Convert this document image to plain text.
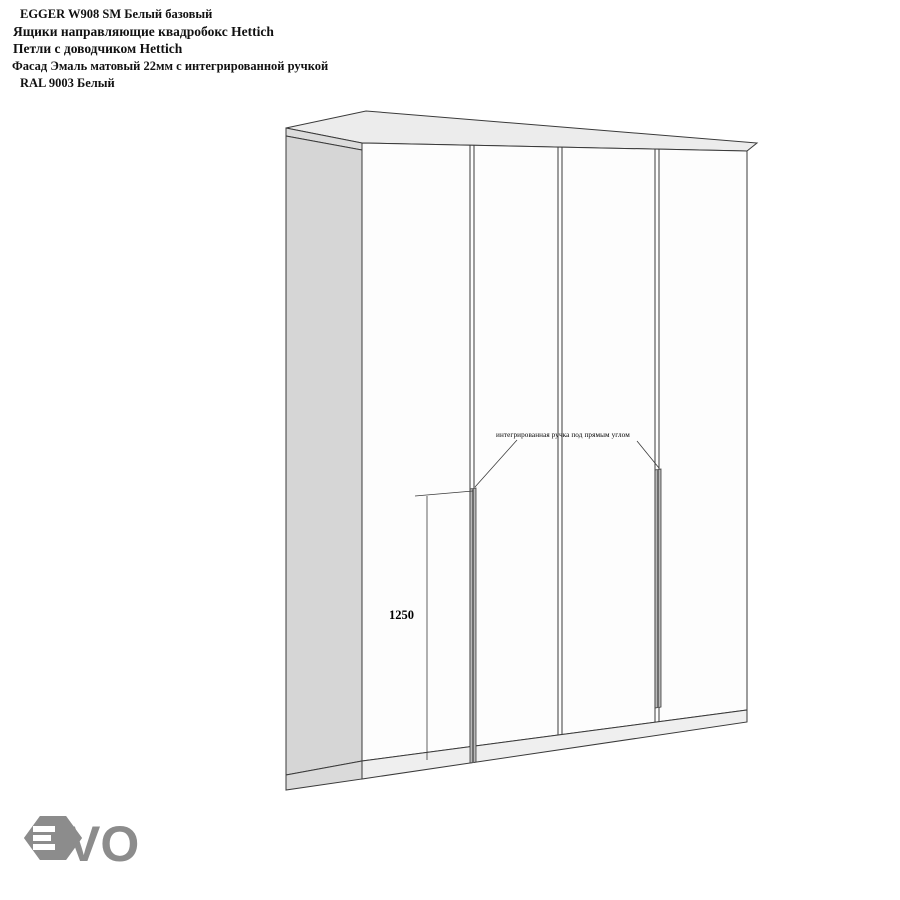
EGGER W908 SM Белый базовый
Ящики направляющие квадробокс Hettich
Петли с доводчиком Hettich
Фасад Эмаль матовый 22мм с интегрированной ручкой
RAL 9003 Белый
VO
интегрированная ручка под прямым углом
1250
